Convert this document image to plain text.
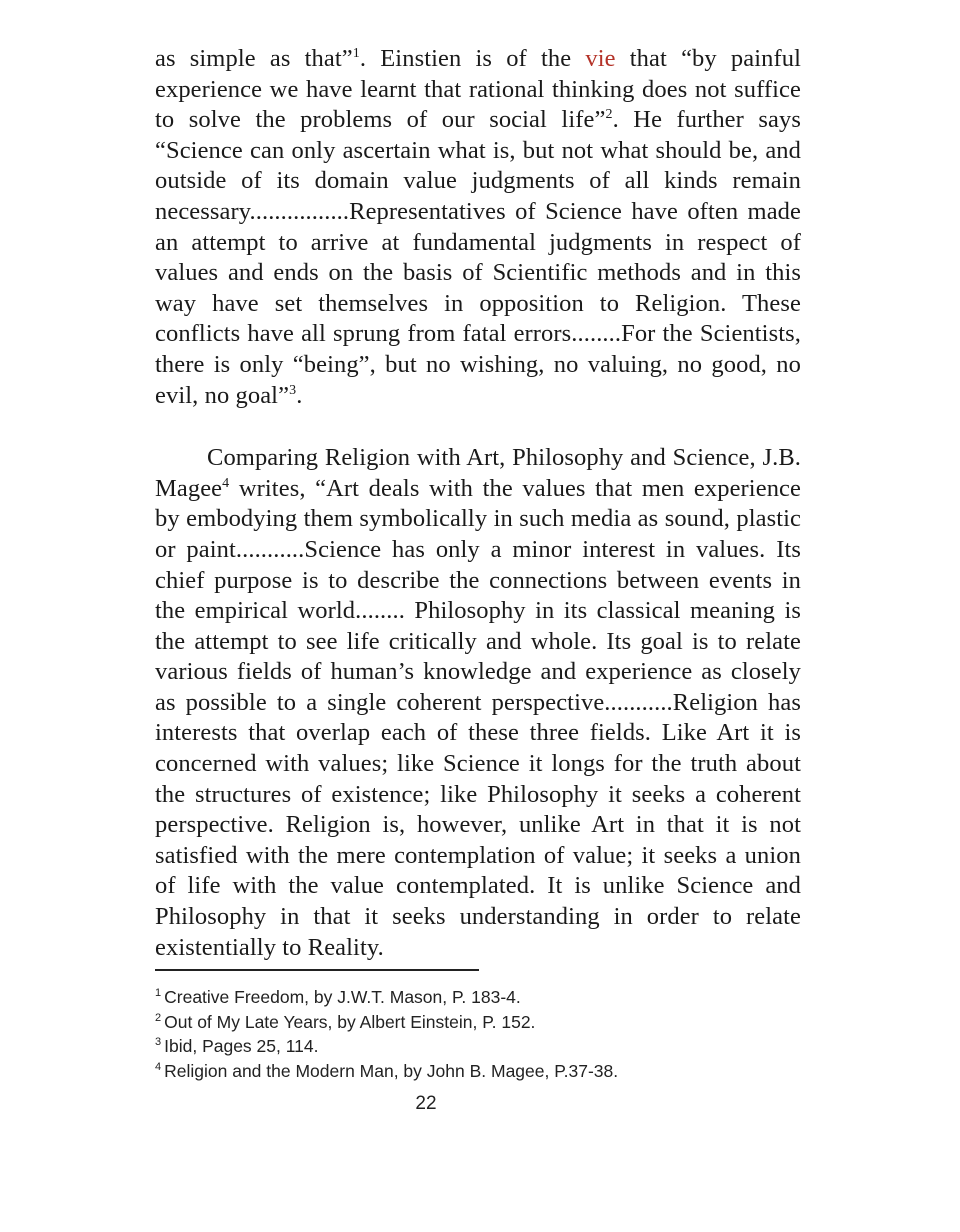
as simple as that”$^1$. Einstien is of the vie that “by painful experience we have learnt that rational thinking does not suffice to solve the problems of our social life”$^2$. He further says “Science can only ascertain what is, but not what should be, and outside of its domain value judgments of all kinds remain necessary................Representatives of Science have often made an attempt to arrive at fundamental judgments in respect of values and ends on the basis of Scientific methods and in this way have set themselves in opposition to Religion. These conflicts have all sprung from fatal errors........For the Scientists, there is only “being”, but no wishing, no valuing, no good, no evil, no goal”$^3$.

Comparing Religion with Art, Philosophy and Science, J.B. Magee$^4$ writes, “Art deals with the values that men experience by embodying them symbolically in such media as sound, plastic or paint...........Science has only a minor interest in values. Its chief purpose is to describe the connections between events in the empirical world........ Philosophy in its classical meaning is the attempt to see life critically and whole. Its goal is to relate various fields of human’s knowledge and experience as closely as possible to a single coherent perspective...........Religion has interests that overlap each of these three fields. Like Art it is concerned with values; like Science it longs for the truth about the structures of existence; like Philosophy it seeks a coherent perspective. Religion is, however, unlike Art in that it is not satisfied with the mere contemplation of value; it seeks a union of life with the value contemplated. It is unlike Science and Philosophy in that it seeks understanding in order to relate existentially to Reality.

$^1$ Creative Freedom, by J.W.T. Mason, P. 183-4.
$^2$ Out of My Late Years, by Albert Einstein, P. 152.
$^3$ Ibid, Pages 25, 114.
$^4$ Religion and the Modern Man, by John B. Magee, P.37-38.
22
